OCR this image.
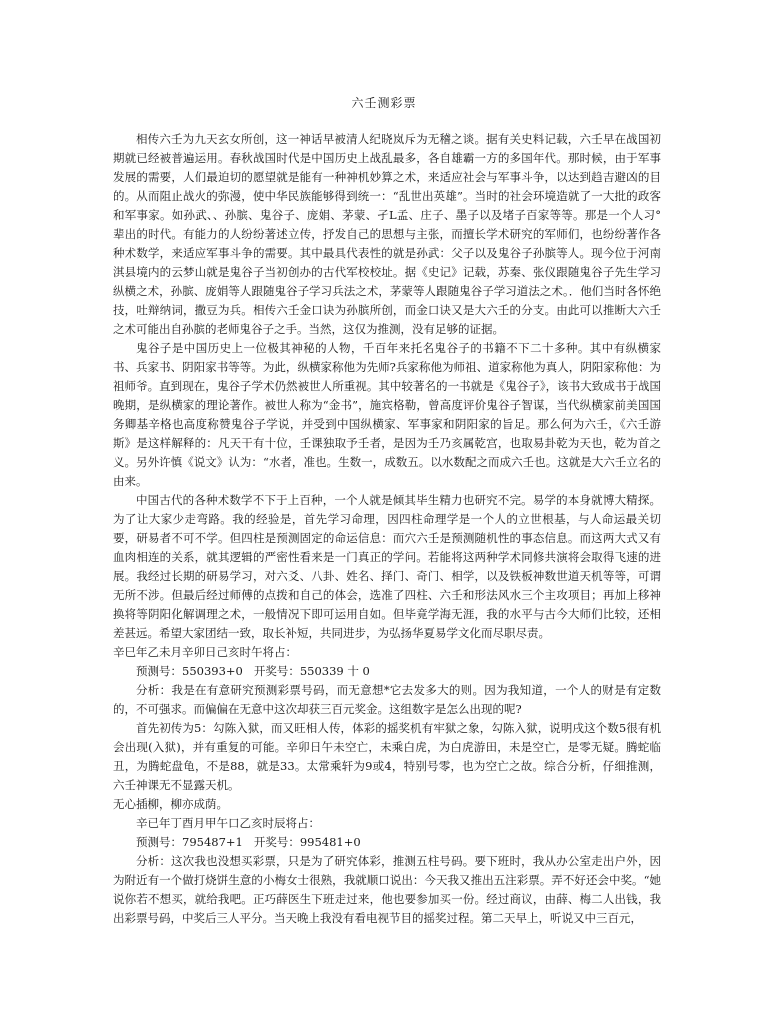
六壬测彩票

相传六壬为九天玄女所创，这一神话早被清人纪晓岚斥为无稽之谈。据有关史料记载，六壬早在战国初期就已经被普遍运用。春秋战国时代是中国历史上战乱最多，各自雄霸一方的多国年代。那时候，由于军事发展的需要，人们最迫切的愿望就是能有一种神机妙算之术，来适应社会与军事斗争，以达到趋吉避凶的目的。从而阻止战火的弥漫，使中华民族能够得到统一：“乱世出英雄”。当时的社会环境造就了一大批的政客和军事家。如孙武、、孙膑、鬼谷子、庞娟、茅蒙、孑L孟、庄子、墨子以及堵子百家等等。那是一个人习°辈出的时代。有能力的人纷纷著述立传，抒发自己的思想与主张，而擅长学术研究的军师们，也纷纷著作各种术数学，来适应军事斗争的需要。其中最具代表性的就是孙武：父子以及鬼谷子孙膑等人。现今位于河南淇县境内的云梦山就是鬼谷子当初创办的古代军校校址。据《史记》记载，苏秦、张仪跟随鬼谷子先生学习纵横之术，孙膑、庞娟等人跟随鬼谷子学习兵法之术，茅蒙等人跟随鬼谷子学习道法之术。．他们当时各怀绝技，吐辩纳词，撒豆为兵。相传六壬金口诀为孙膑所创，而金口诀又是大六壬的分支。由此可以推断大六壬之术可能出自孙膑的老师鬼谷子之手。当然，这仅为推测，没有足够的证据。

鬼谷子是中国历史上一位极其神秘的人物，千百年来托名鬼谷子的书籍不下二十多种。其中有纵横家书、兵家书、阴阳家书等等。为此，纵横家称他为先师?兵家称他为师祖、道家称他为真人，阴阳家称他：为祖师爷。直到现在，鬼谷子学术仍然被世人所重视。其中较著名的一书就是《鬼谷子》，该书大致成书于战国晚期，是纵横家的理论著作。被世人称为“金书”，施宾格勒，曾高度评价鬼谷子智谋，当代纵横家前美国国务卿基辛格也高度称赞鬼谷子学说，并受到中国纵横家、军事家和阴阳家的旨足。那么何为六壬，《六壬游斯》是这样解释的：凡天干有十位，壬课独取予壬者，是因为壬乃亥属乾宫，也取易卦乾为天也，乾为首之义。另外许慎《说文》认为：“水者，准也。生数一，成数五。以水数配之而成六壬也。这就是大六壬立名的由来。

中国古代的各种术数学不下于上百种，一个人就是倾其毕生精力也研究不完。易学的本身就博大精探。为了让大家少走弯路。我的经验是，首先学习命理，因四柱命理学是一个人的立世根基，与人命运最关切要，研易者不可不学。但四柱是预测固定的命运信息：而穴六壬是预测随机性的事态信息。而这两大式又有血肉相连的关系，就其逻辑的严密性看来是一门真正的学问。若能将这两种学术同修共演将会取得飞速的进展。我经过长期的研易学习，对六爻、八卦、姓名、择门、奇门、相学，以及铁板神数世道天机等等，可谓无所不涉。但最后经过师傅的点拨和自己的体会，选准了四柱、六壬和形法风水三个主攻项目；再加上移神换将等阴阳化解调理之术，一般情况下即可运用自如。但毕竟学海无涯，我的水平与古今大师们比较，还相差甚远。希望大家团结一致，取长补短，共同进步，为弘扬华夏易学文化而尽职尽责。

辛巳年乙未月辛卯日己亥时午将占：

预测号：550393+0 开奖号：550339 十 0

分析：我是在有意研究预测彩票号码，而无意想*它去发多大的则。因为我知道，一个人的财是有定数的，不可强求。而偏偏在无意中这次却获三百元奖金。这组数字是怎么出现的呢?

首先初传为5：勾陈入狱，而又旺相人传，体彩的摇奖机有牢狱之象，勾陈入狱，说明戌这个数5很有机会出现(入狱)，并有重复的可能。辛卯日午未空亡，未乘白虎，为白虎游田，未是空亡，是零无疑。腾蛇临丑，为腾蛇盘龟，不是88，就是33。太常乘轩为9或4，特别号零，也为空亡之故。综合分析，仔细推测，六壬神课无不显露天机。

无心插柳，柳亦成荫。

辛已年丁酉月甲午口乙亥时辰将占：

预测号：795487+1 开奖号：995481+0

分析：这次我也没想买彩票，只是为了研究体彩，推测五柱号码。要下班时，我从办公室走出户外，因为附近有一个做打烧饼生意的小梅女士很熟，我就顺口说出：今天我又推出五注彩票。弄不好还会中奖。“她说你若不想买，就给我吧。正巧薛医生下班走过来，他也要参加买一份。经过商议，由薛、梅二人出钱，我出彩票号码，中奖后三人平分。当天晚上我没有看电视节目的摇奖过程。第二天早上，听说又中三百元，
